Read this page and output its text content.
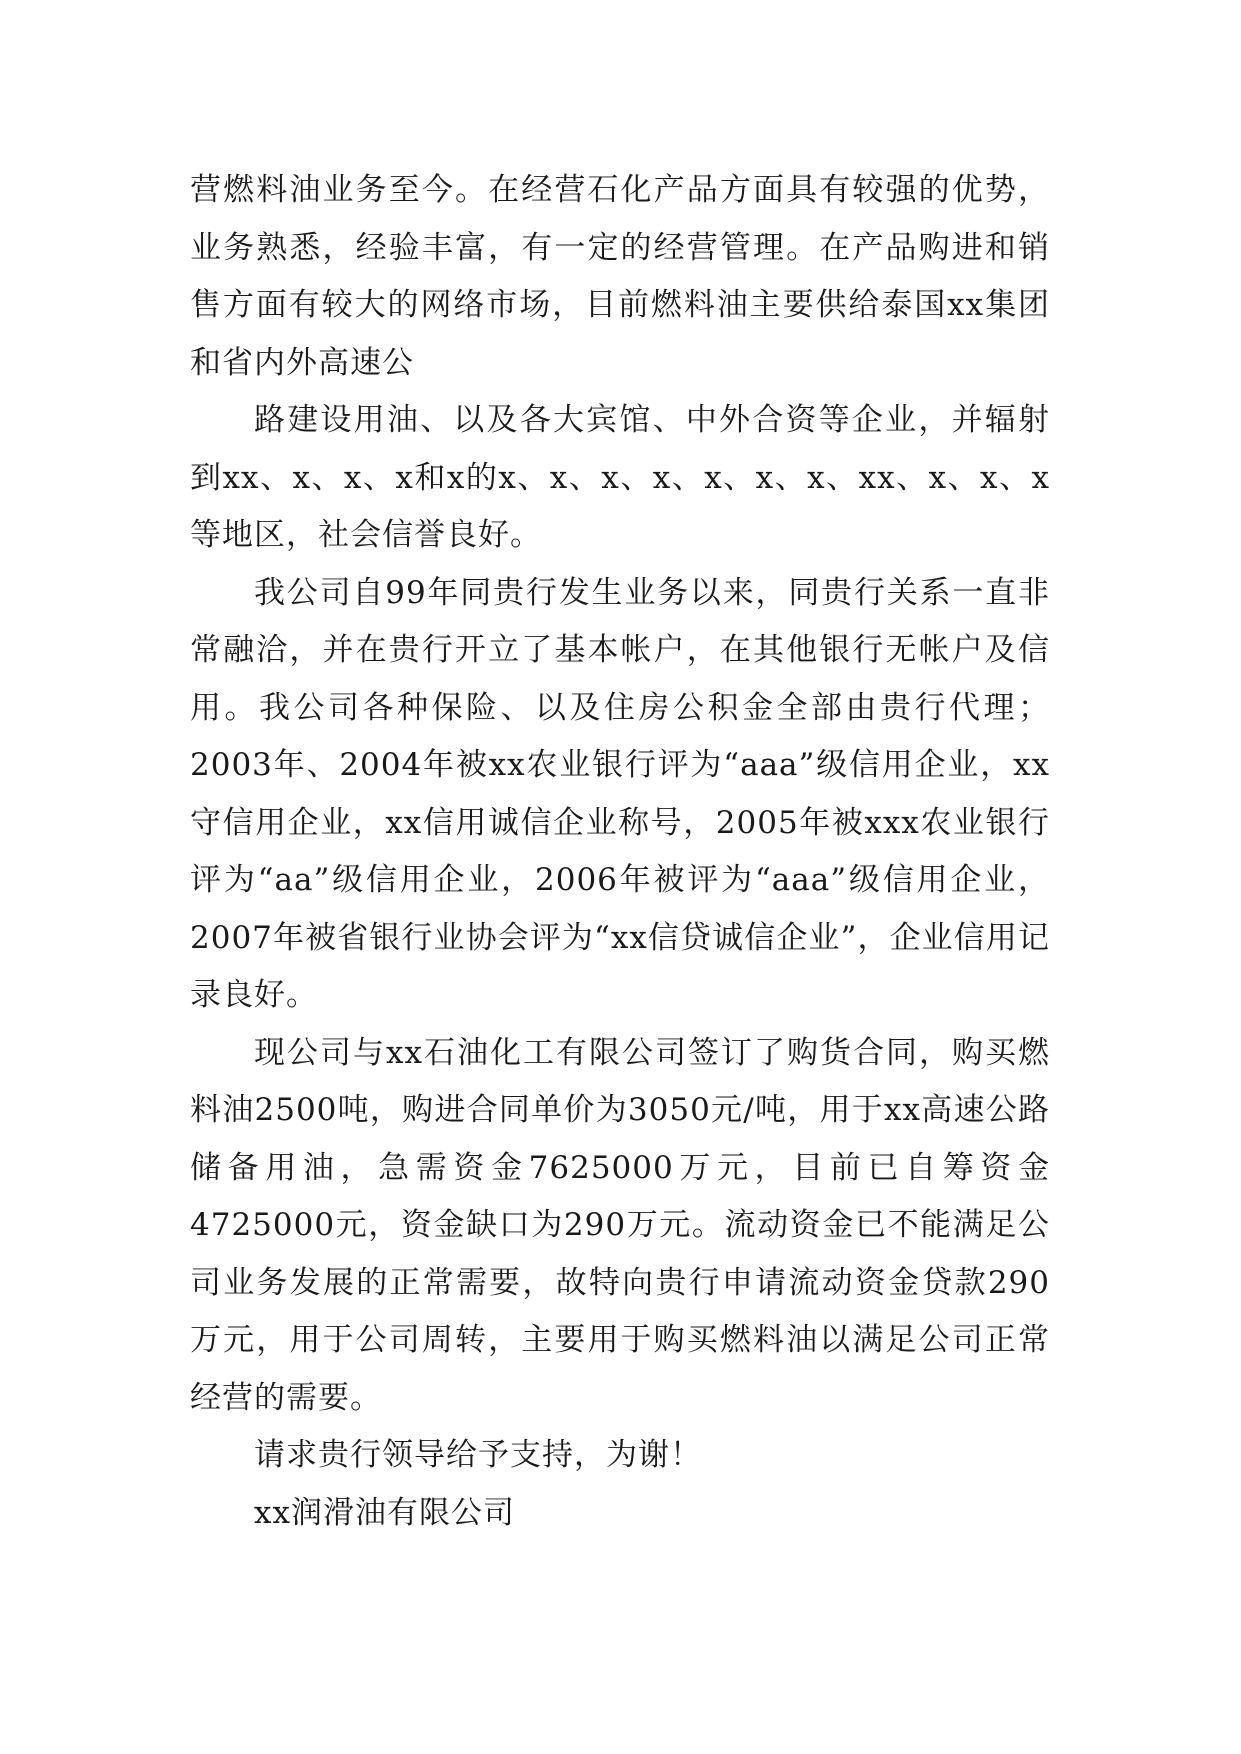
营燃料油业务至今。在经营石化产品方面具有较强的优势，业务熟悉，经验丰富，有一定的经营管理。在产品购进和销售方面有较大的网络市场，目前燃料油主要供给泰国xx集团和省内外高速公

路建设用油、以及各大宾馆、中外合资等企业，并辐射到xx、x、x、x和x的x、x、x、x、x、x、x、xx、x、x、x等地区，社会信誉良好。

我公司自99年同贵行发生业务以来，同贵行关系一直非常融洽，并在贵行开立了基本帐户，在其他银行无帐户及信用。我公司各种保险、以及住房公积金全部由贵行代理；2003年、2004年被xx农业银行评为“aaa”级信用企业，xx守信用企业，xx信用诚信企业称号，2005年被xxx农业银行评为“aa”级信用企业，2006年被评为“aaa”级信用企业，2007年被省银行业协会评为“xx信贷诚信企业”，企业信用记录良好。

现公司与xx石油化工有限公司签订了购货合同，购买燃料油2500吨，购进合同单价为3050元/吨，用于xx高速公路储备用油，急需资金7625000万元，目前已自筹资金4725000元，资金缺口为290万元。流动资金已不能满足公司业务发展的正常需要，故特向贵行申请流动资金贷款290万元，用于公司周转，主要用于购买燃料油以满足公司正常经营的需要。

请求贵行领导给予支持，为谢！

xx润滑油有限公司
